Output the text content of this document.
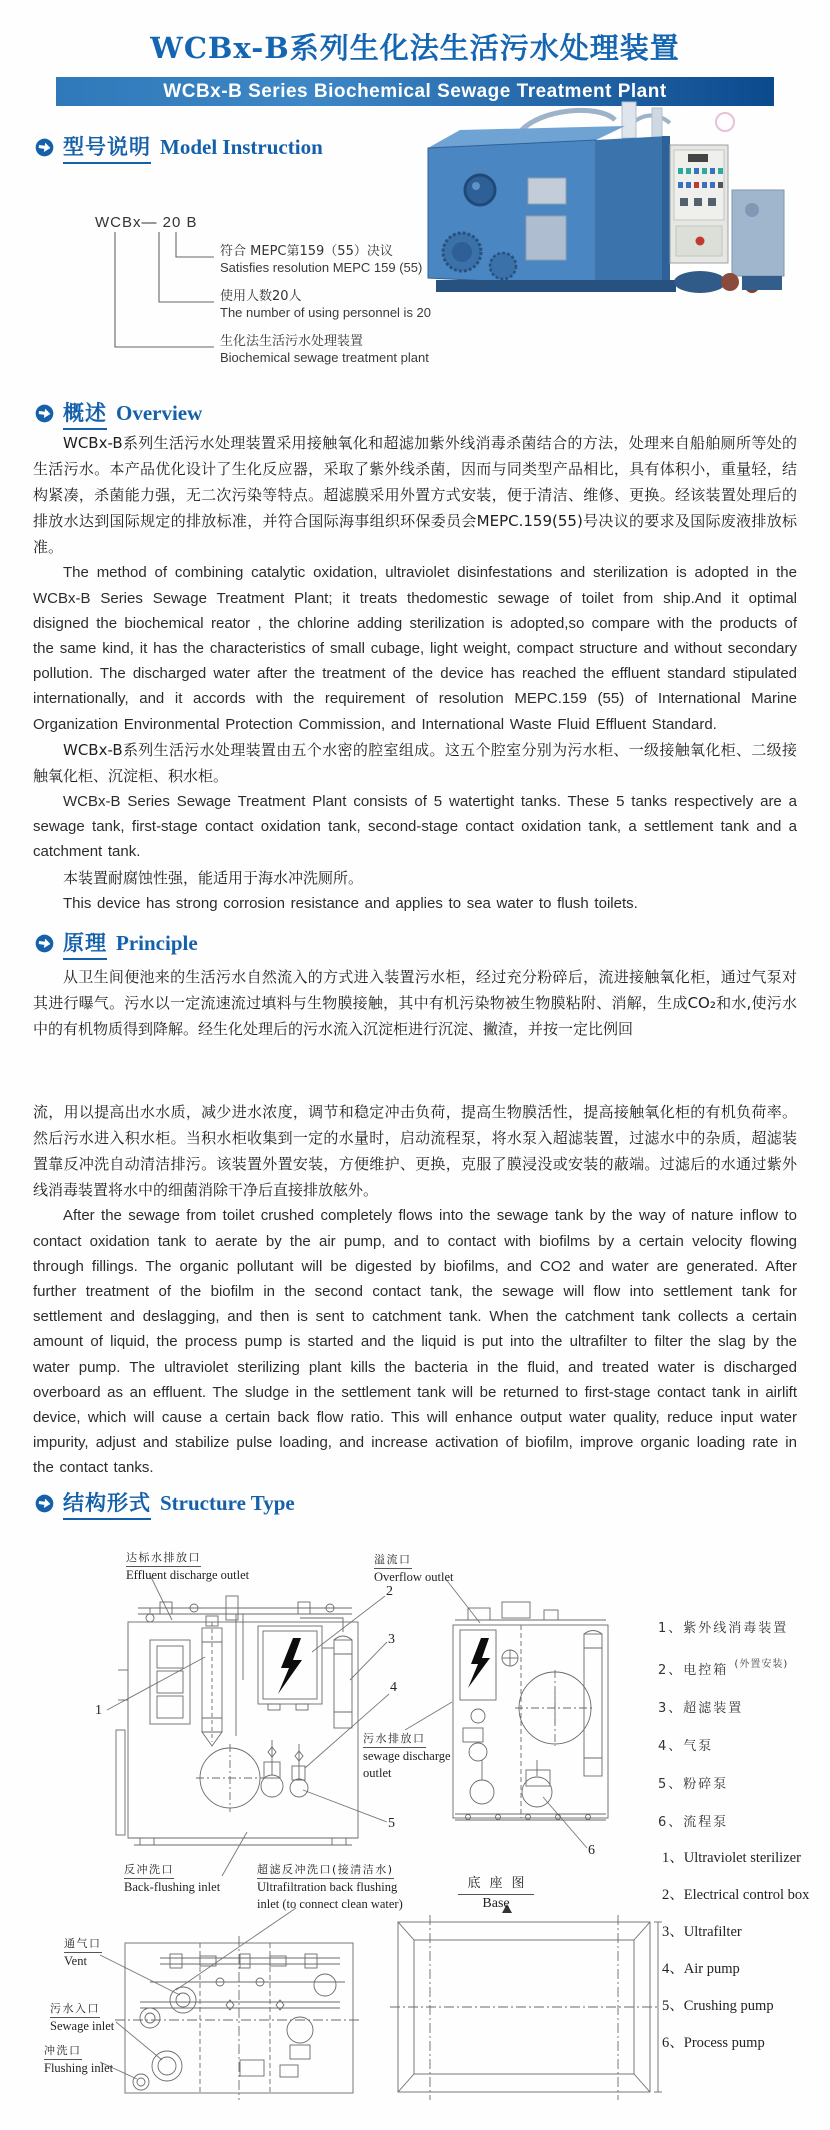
WCBx-B系列生化法生活污水处理装置
WCBx-B Series Biochemical Sewage Treatment Plant
型号说明 Model Instruction
WCBx— 20 B
符合 MEPC第159（55）决议
Satisfies resolution MEPC 159 (55)
使用人数20人
The number of using personnel is 20
生化法生活污水处理装置
Biochemical sewage treatment plant
概述 Overview

WCBx-B系列生活污水处理装置采用接触氧化和超滤加紫外线消毒杀菌结合的方法，处理来自船舶厕所等处的生活污水。本产品优化设计了生化反应器，采取了紫外线杀菌，因而与同类型产品相比，具有体积小，重量轻，结构紧凑，杀菌能力强，无二次污染等特点。超滤膜采用外置方式安装，便于清洁、维修、更换。经该装置处理后的排放水达到国际规定的排放标准，并符合国际海事组织环保委员会MEPC.159(55)号决议的要求及国际废液排放标准。

The method of combining catalytic oxidation, ultraviolet disinfestations and sterilization is adopted in the WCBx-B Series Sewage Treatment Plant; it treats thedomestic sewage of toilet from ship.And it optimal disigned the biochemical reator , the chlorine adding sterilization is adopted,so compare with the products of the same kind, it has the characteristics of small cubage, light weight, compact structure and without secondary pollution. The discharged water after the treatment of the device has reached the effluent standard stipulated internationally, and it accords with the requirement of resolution MEPC.159 (55) of International Marine Organization Environmental Protection Commission, and International Waste Fluid Effluent Standard.

WCBx-B系列生活污水处理装置由五个水密的腔室组成。这五个腔室分别为污水柜、一级接触氧化柜、二级接触氧化柜、沉淀柜、积水柜。

WCBx-B Series Sewage Treatment Plant consists of 5 watertight tanks. These 5 tanks respectively are a sewage tank, first-stage contact oxidation tank, second-stage contact oxidation tank, a settlement tank and a catchment tank.

本装置耐腐蚀性强，能适用于海水冲洗厕所。

This device has strong corrosion resistance and applies to sea water to flush toilets.

原理 Principle

从卫生间便池来的生活污水自然流入的方式进入装置污水柜，经过充分粉碎后，流进接触氧化柜，通过气泵对其进行曝气。污水以一定流速流过填料与生物膜接触，其中有机污染物被生物膜粘附、消解，生成CO₂和水,使污水中的有机物质得到降解。经生化处理后的污水流入沉淀柜进行沉淀、撇渣，并按一定比例回

流，用以提高出水水质，减少进水浓度，调节和稳定冲击负荷，提高生物膜活性，提高接触氧化柜的有机负荷率。然后污水进入积水柜。当积水柜收集到一定的水量时，启动流程泵，将水泵入超滤装置，过滤水中的杂质，超滤装置靠反冲洗自动清洁排污。该装置外置安装，方便维护、更换，克服了膜浸没或安装的蔽端。过滤后的水通过紫外线消毒装置将水中的细菌消除干净后直接排放舷外。

After the sewage from toilet crushed completely flows into the sewage tank by the way of nature inflow to contact oxidation tank to aerate by the air pump, and to contact with biofilms by a certain velocity flowing through fillings. The organic pollutant will be digested by biofilms, and CO2 and water are generated. After further treatment of the biofilm in the second contact tank, the sewage will flow into settlement tank for settlement and deslagging, and then is sent to catchment tank. When the catchment tank collects a certain amount of liquid, the process pump is started and the liquid is put into the ultrafilter to filter the slag by the water pump. The ultraviolet sterilizing plant kills the bacteria in the fluid, and treated water is discharged overboard as an effluent. The sludge in the settlement tank will be returned to first-stage contact tank in airlift device, which will cause a certain back flow ratio. This will enhance output water quality, reduce input water impurity, adjust and stabilize pulse loading, and increase activation of biofilm, improve organic loading rate in the contact tanks.

结构形式 Structure Type
达标水排放口
Effluent discharge outlet
溢流口
Overflow outlet
污水排放口
sewage discharge
outlet
反冲洗口
Back-flushing inlet
超滤反冲洗口(接清洁水)
Ultrafiltration back flushing
inlet (to connect clean water)
底座图
Base
通气口
Vent
污水入口
Sewage inlet
冲洗口
Flushing inlet
1
2
3
4
5
6
1、紫外线消毒装置
2、电控箱 $^{(外置安装)}$
3、超滤装置
4、气泵
5、粉碎泵
6、流程泵
1、Ultraviolet sterilizer
2、Electrical control box
3、Ultrafilter
4、Air pump
5、Crushing pump
6、Process pump
